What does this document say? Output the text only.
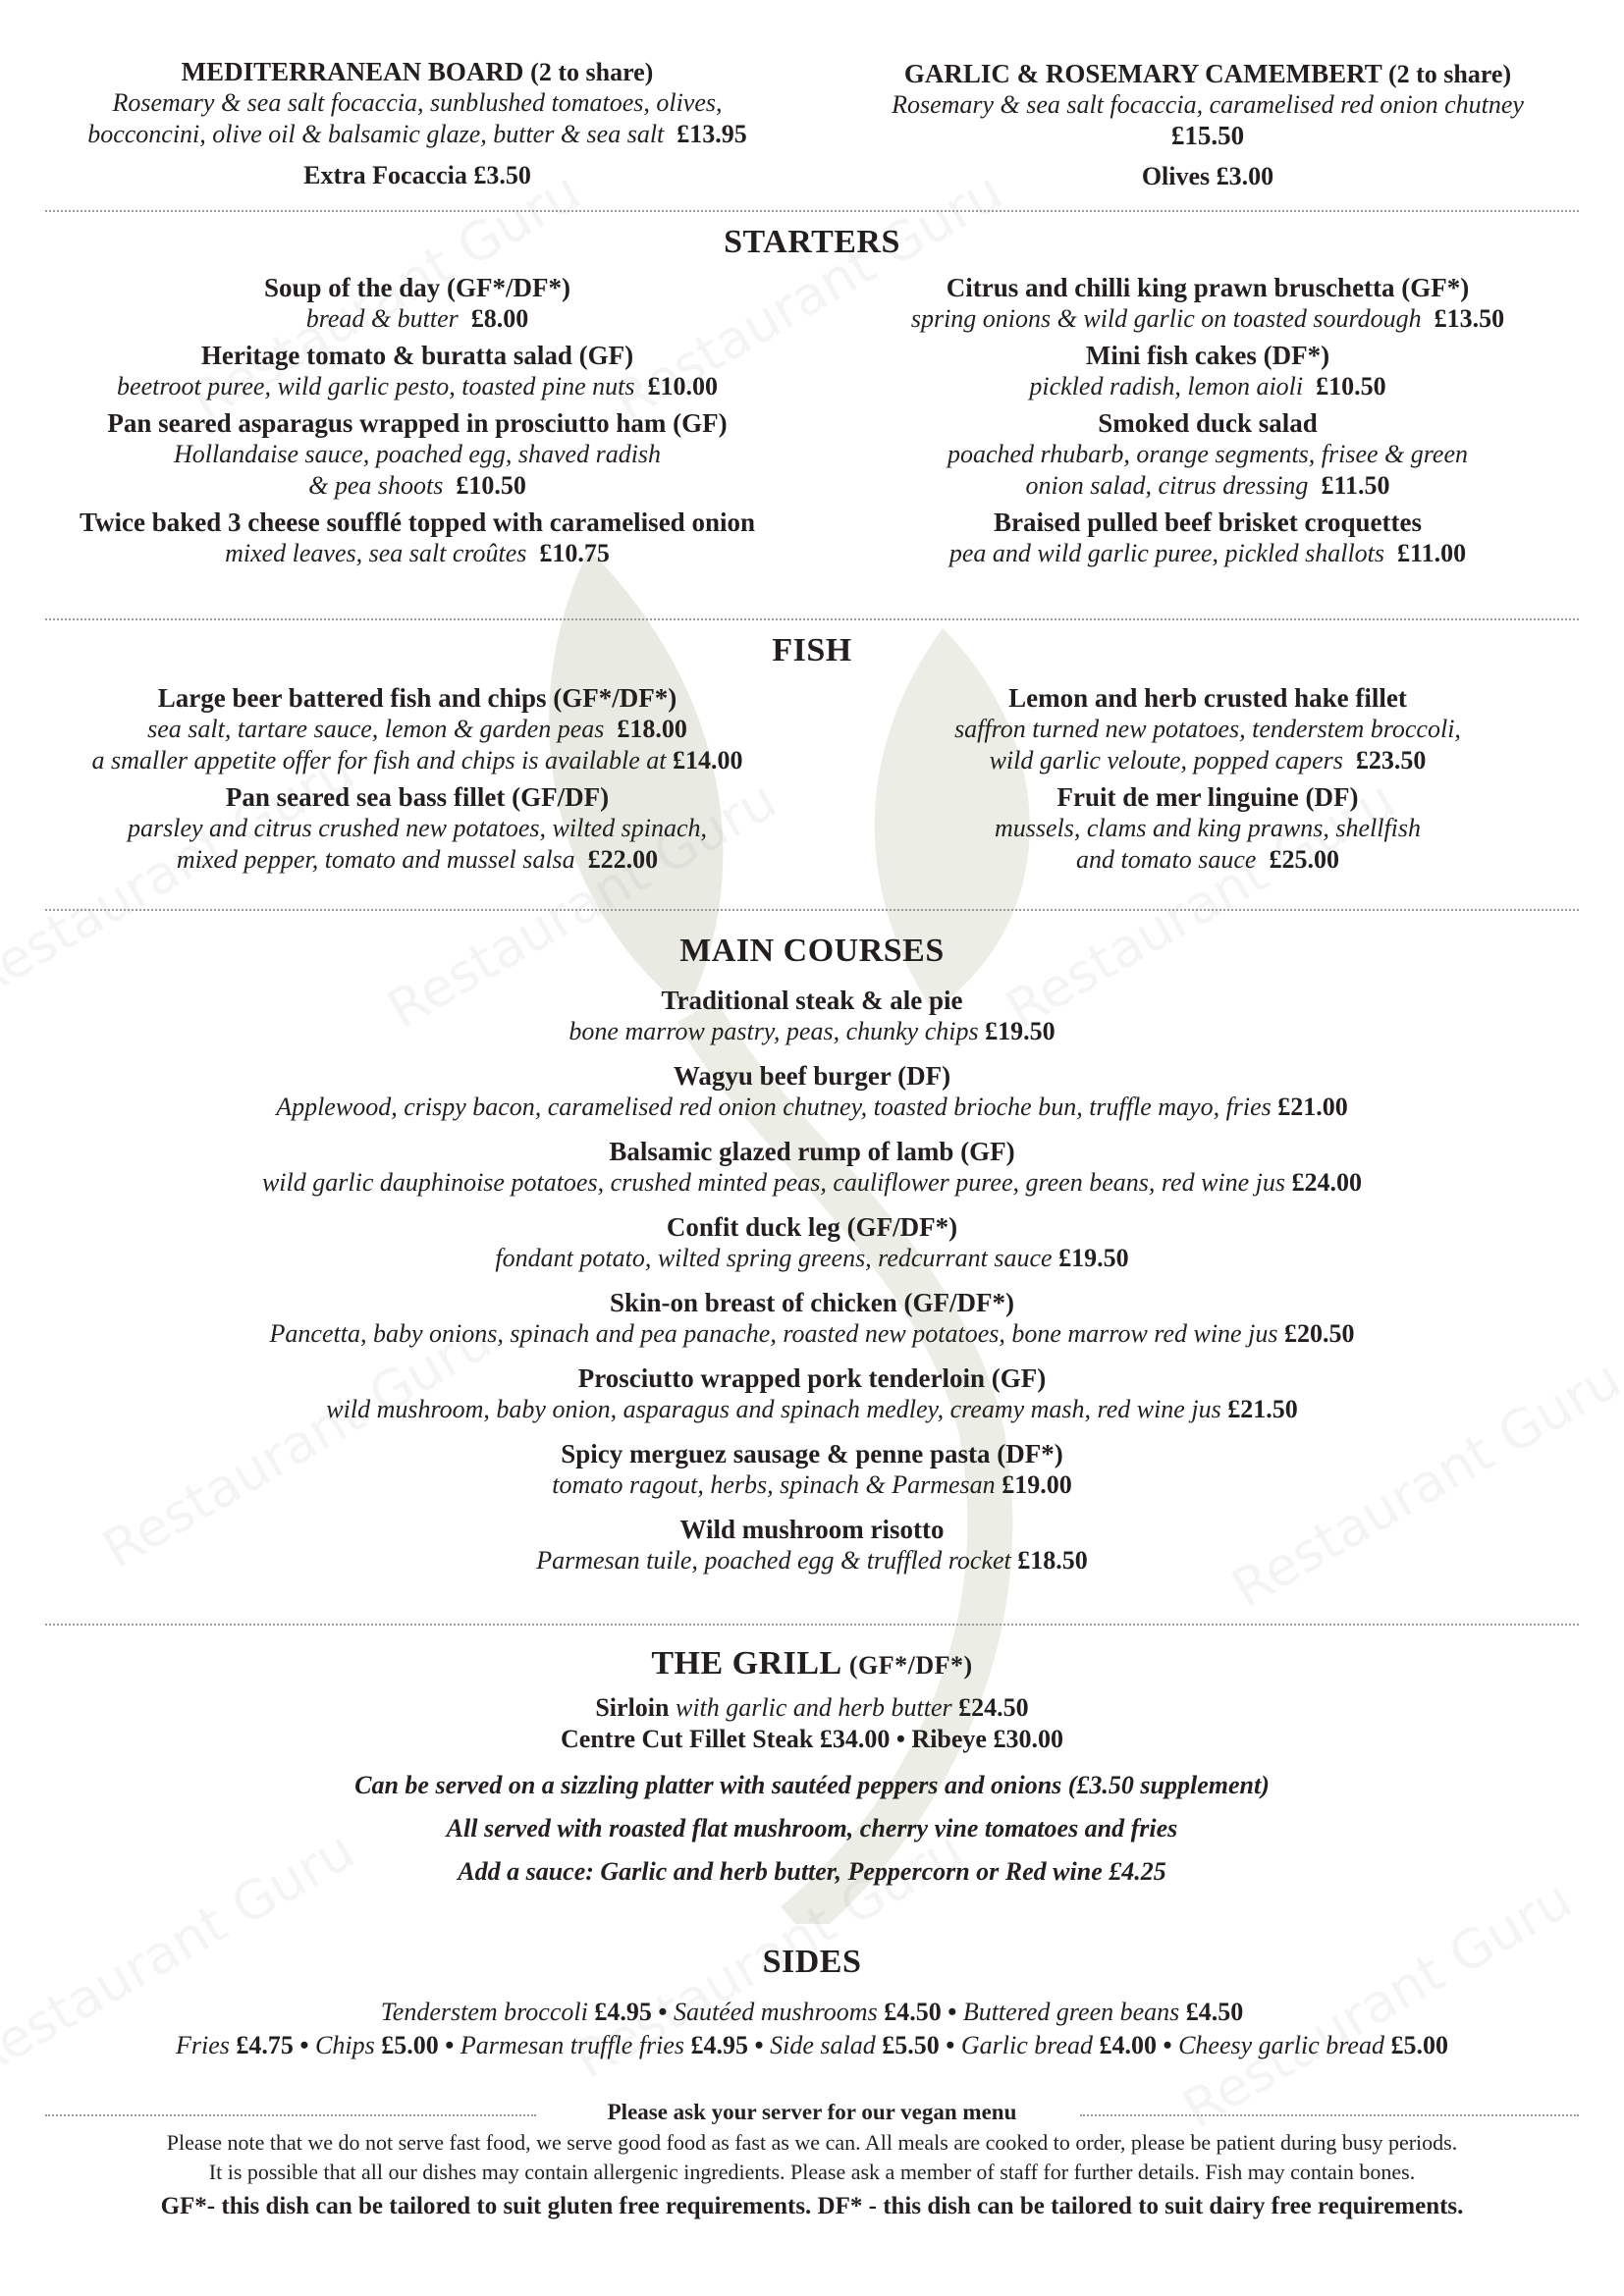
MEDITERRANEAN BOARD (2 to share)
Rosemary & sea salt focaccia, sunblushed tomatoes, olives,
bocconcini, olive oil & balsamic glaze, butter & sea salt £13.95
Extra Focaccia £3.50
GARLIC & ROSEMARY CAMEMBERT (2 to share)
Rosemary & sea salt focaccia, caramelised red onion chutney
£15.50
Olives £3.00
STARTERS
Soup of the day (GF*/DF*)
bread & butter £8.00
Heritage tomato & buratta salad (GF)
beetroot puree, wild garlic pesto, toasted pine nuts £10.00
Pan seared asparagus wrapped in prosciutto ham (GF)
Hollandaise sauce, poached egg, shaved radish
& pea shoots £10.50
Twice baked 3 cheese soufflé topped with caramelised onion
mixed leaves, sea salt croûtes £10.75
Citrus and chilli king prawn bruschetta (GF*)
spring onions & wild garlic on toasted sourdough £13.50
Mini fish cakes (DF*)
pickled radish, lemon aioli £10.50
Smoked duck salad
poached rhubarb, orange segments, frisee & green
onion salad, citrus dressing £11.50
Braised pulled beef brisket croquettes
pea and wild garlic puree, pickled shallots £11.00
FISH
Large beer battered fish and chips (GF*/DF*)
sea salt, tartare sauce, lemon & garden peas £18.00
a smaller appetite offer for fish and chips is available at £14.00
Pan seared sea bass fillet (GF/DF)
parsley and citrus crushed new potatoes, wilted spinach,
mixed pepper, tomato and mussel salsa £22.00
Lemon and herb crusted hake fillet
saffron turned new potatoes, tenderstem broccoli,
wild garlic veloute, popped capers £23.50
Fruit de mer linguine (DF)
mussels, clams and king prawns, shellfish
and tomato sauce £25.00
MAIN COURSES
Traditional steak & ale pie
bone marrow pastry, peas, chunky chips £19.50
Wagyu beef burger (DF)
Applewood, crispy bacon, caramelised red onion chutney, toasted brioche bun, truffle mayo, fries £21.00
Balsamic glazed rump of lamb (GF)
wild garlic dauphinoise potatoes, crushed minted peas, cauliflower puree, green beans, red wine jus £24.00
Confit duck leg (GF/DF*)
fondant potato, wilted spring greens, redcurrant sauce £19.50
Skin-on breast of chicken (GF/DF*)
Pancetta, baby onions, spinach and pea panache, roasted new potatoes, bone marrow red wine jus £20.50
Prosciutto wrapped pork tenderloin (GF)
wild mushroom, baby onion, asparagus and spinach medley, creamy mash, red wine jus £21.50
Spicy merguez sausage & penne pasta (DF*)
tomato ragout, herbs, spinach & Parmesan £19.00
Wild mushroom risotto
Parmesan tuile, poached egg & truffled rocket £18.50
THE GRILL (GF*/DF*)
Sirloin with garlic and herb butter £24.50
Centre Cut Fillet Steak £34.00 • Ribeye £30.00
Can be served on a sizzling platter with sautéed peppers and onions (£3.50 supplement)
All served with roasted flat mushroom, cherry vine tomatoes and fries
Add a sauce: Garlic and herb butter, Peppercorn or Red wine £4.25
SIDES
Tenderstem broccoli £4.95 • Sautéed mushrooms £4.50 • Buttered green beans £4.50
Fries £4.75 • Chips £5.00 • Parmesan truffle fries £4.95 • Side salad £5.50 • Garlic bread £4.00 • Cheesy garlic bread £5.00
Please ask your server for our vegan menu
Please note that we do not serve fast food, we serve good food as fast as we can. All meals are cooked to order, please be patient during busy periods.
It is possible that all our dishes may contain allergenic ingredients. Please ask a member of staff for further details. Fish may contain bones.
GF*- this dish can be tailored to suit gluten free requirements. DF* - this dish can be tailored to suit dairy free requirements.
